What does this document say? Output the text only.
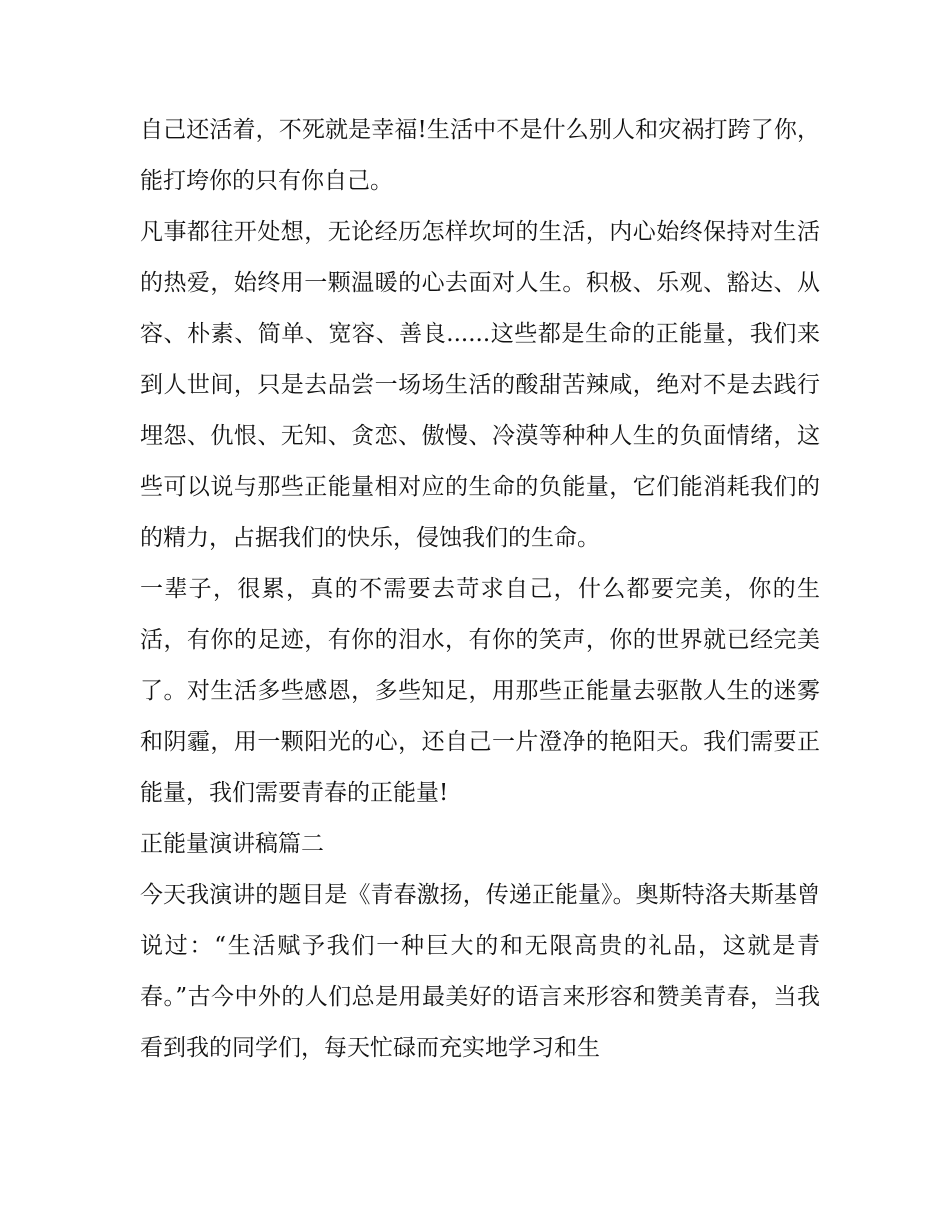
自己还活着，不死就是幸福!生活中不是什么别人和灾祸打跨了你，能打垮你的只有你自己。

凡事都往开处想，无论经历怎样坎坷的生活，内心始终保持对生活的热爱，始终用一颗温暖的心去面对人生。积极、乐观、豁达、从容、朴素、简单、宽容、善良......这些都是生命的正能量，我们来到人世间，只是去品尝一场场生活的酸甜苦辣咸，绝对不是去践行埋怨、仇恨、无知、贪恋、傲慢、冷漠等种种人生的负面情绪，这些可以说与那些正能量相对应的生命的负能量，它们能消耗我们的的精力，占据我们的快乐，侵蚀我们的生命。

一辈子，很累，真的不需要去苛求自己，什么都要完美，你的生活，有你的足迹，有你的泪水，有你的笑声，你的世界就已经完美了。对生活多些感恩，多些知足，用那些正能量去驱散人生的迷雾和阴霾，用一颗阳光的心，还自己一片澄净的艳阳天。我们需要正能量，我们需要青春的正能量!

正能量演讲稿篇二

今天我演讲的题目是《青春激扬，传递正能量》。奥斯特洛夫斯基曾说过：“生活赋予我们一种巨大的和无限高贵的礼品，这就是青春。”古今中外的人们总是用最美好的语言来形容和赞美青春，当我看到我的同学们，每天忙碌而充实地学习和生
